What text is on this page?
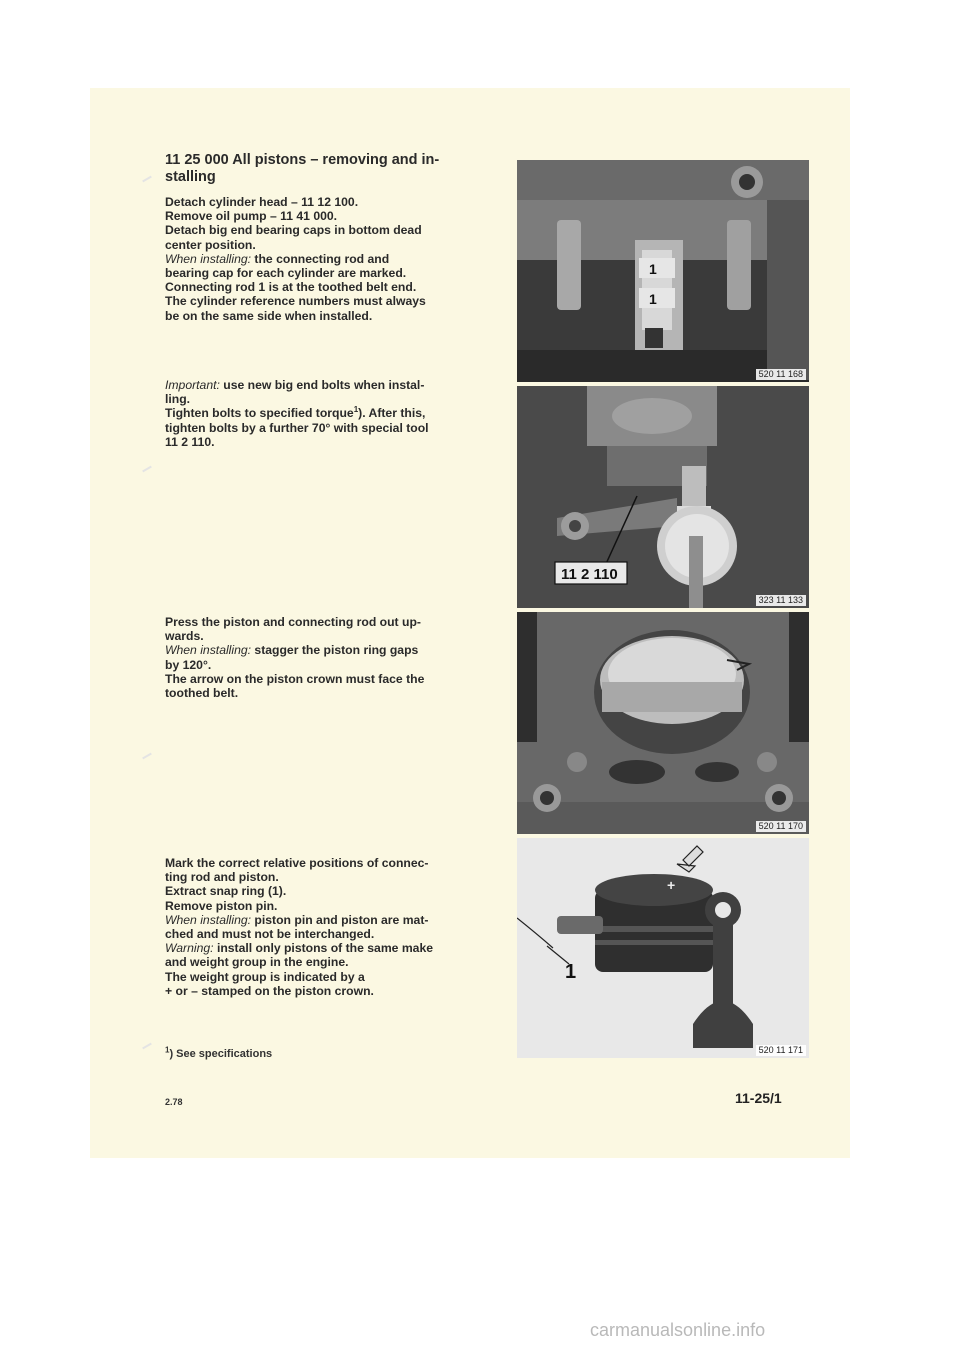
11 25 000 All pistons – removing and in-
stalling
Detach cylinder head – 11 12 100.
Remove oil pump – 11 41 000.
Detach big end bearing caps in bottom dead
center position.
When installing: the connecting rod and
bearing cap for each cylinder are marked.
Connecting rod 1 is at the toothed belt end.
The cylinder reference numbers must always
be on the same side when installed.
Important: use new big end bolts when instal-
ling.
Tighten bolts to specified torque$^1$). After this,
tighten bolts by a further 70° with special tool
11 2 110.
Press the piston and connecting rod out up-
wards.
When installing: stagger the piston ring gaps
by 120°.
The arrow on the piston crown must face the
toothed belt.
Mark the correct relative positions of connec-
ting rod and piston.
Extract snap ring (1).
Remove piston pin.
When installing: piston pin and piston are mat-
ched and must not be interchanged.
Warning: install only pistons of the same make
and weight group in the engine.
The weight group is indicated by a
+ or – stamped on the piston crown.
1
1
520 11 168
11 2 110
323 11 133
520 11 170
+
1
520 11 171
$^1$) See specifications
2.78	11-25/1
carmanualsonline.info
